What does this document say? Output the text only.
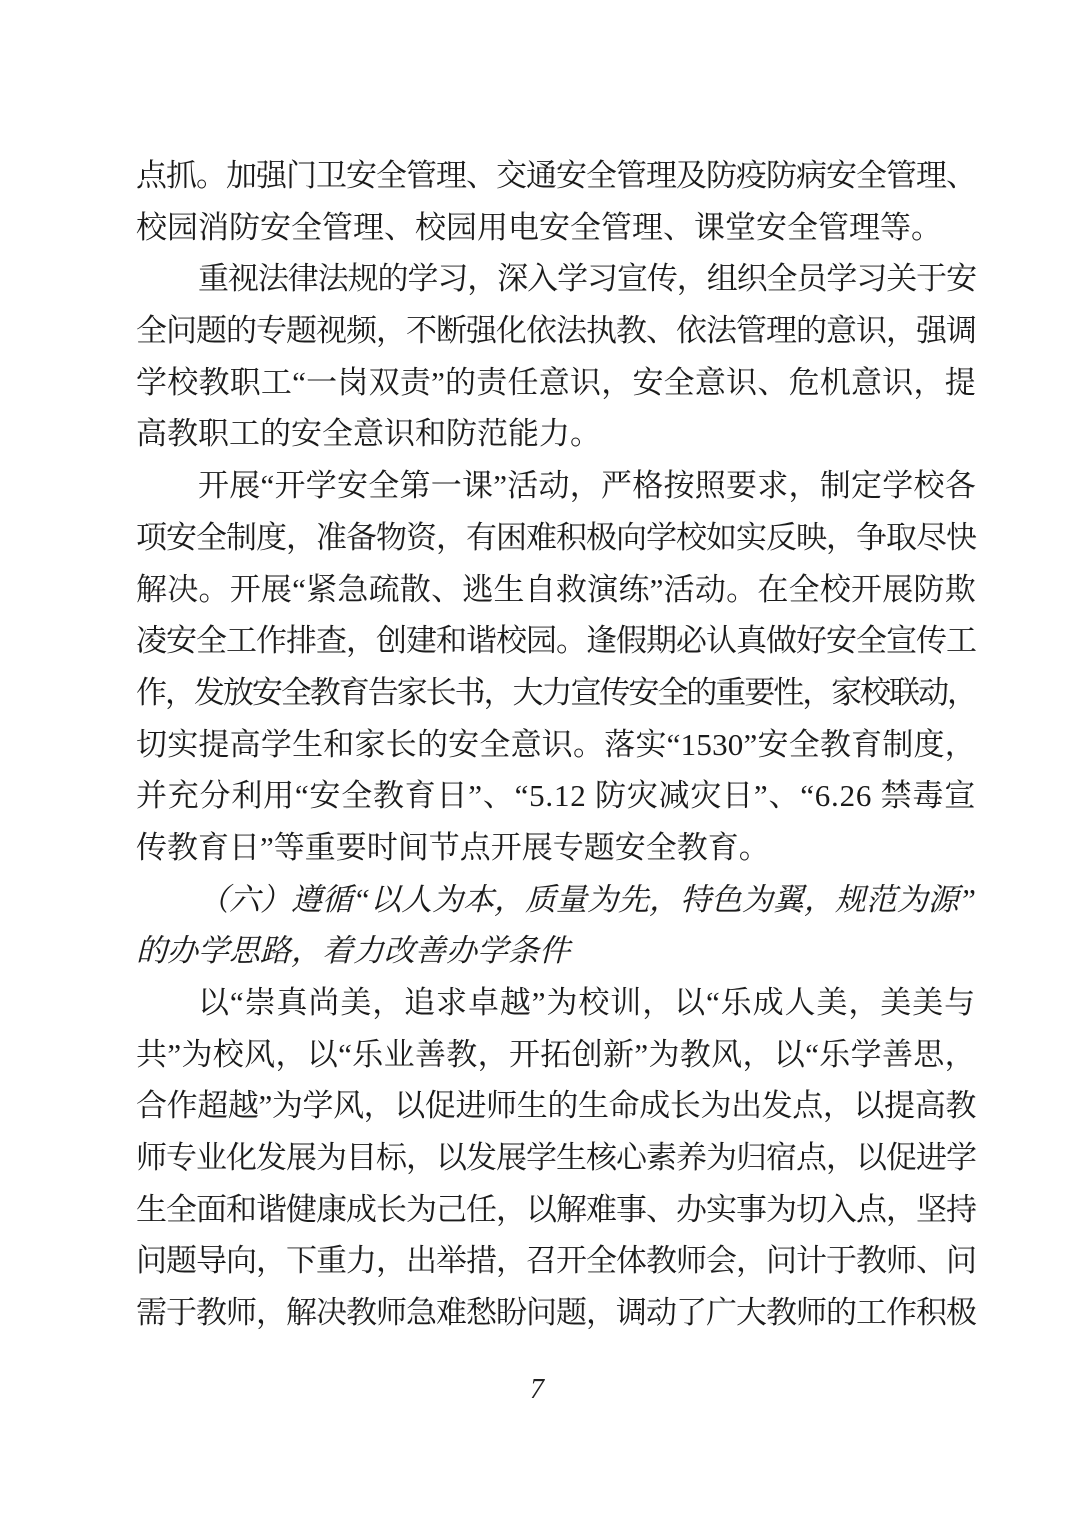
点抓。加强门卫安全管理、交通安全管理及防疫防病安全管理、
校园消防安全管理、校园用电安全管理、课堂安全管理等。
重视法律法规的学习，深入学习宣传，组织全员学习关于安
全问题的专题视频，不断强化依法执教、依法管理的意识，强调
学校教职工“一岗双责”的责任意识，安全意识、危机意识，提
高教职工的安全意识和防范能力。
开展“开学安全第一课”活动，严格按照要求，制定学校各
项安全制度，准备物资，有困难积极向学校如实反映，争取尽快
解决。开展“紧急疏散、逃生自救演练”活动。在全校开展防欺
凌安全工作排查，创建和谐校园。逢假期必认真做好安全宣传工
作，发放安全教育告家长书，大力宣传安全的重要性，家校联动，
切实提高学生和家长的安全意识。落实“1530”安全教育制度，
并充分利用“安全教育日”、“5.12 防灾减灾日”、“6.26 禁毒宣
传教育日”等重要时间节点开展专题安全教育。
（六）遵循“以人为本，质量为先，特色为翼，规范为源”
的办学思路，着力改善办学条件
以“崇真尚美，追求卓越”为校训，以“乐成人美，美美与
共”为校风，以“乐业善教，开拓创新”为教风，以“乐学善思，
合作超越”为学风，以促进师生的生命成长为出发点，以提高教
师专业化发展为目标，以发展学生核心素养为归宿点，以促进学
生全面和谐健康成长为己任，以解难事、办实事为切入点，坚持
问题导向，下重力，出举措，召开全体教师会，问计于教师、问
需于教师，解决教师急难愁盼问题，调动了广大教师的工作积极
7
